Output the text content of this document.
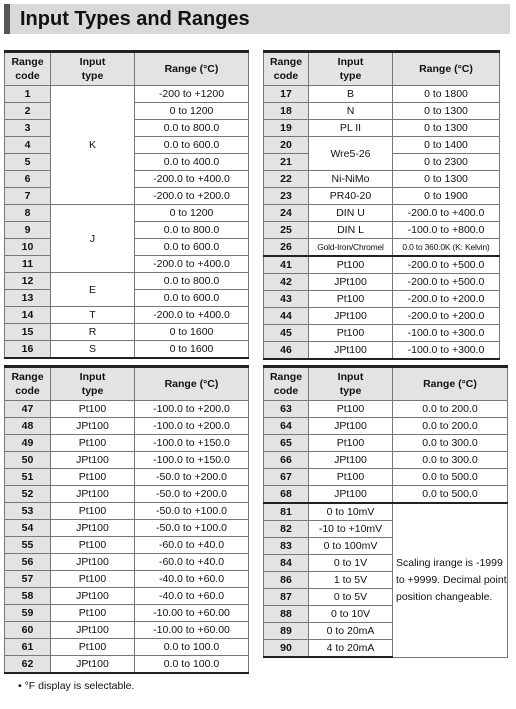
Input Types and Ranges
Range
code	Input
type	Range (°C)
1	K	-200 to +1200
2		0 to 1200
3		0.0 to 800.0
4		0.0 to 600.0
5		0.0 to 400.0
6		-200.0 to +400.0
7		-200.0 to +200.0
8	J	0 to 1200
9		0.0 to 800.0
10		0.0 to 600.0
11		-200.0 to +400.0
12	E	0.0 to 800.0
13		0.0 to 600.0
14	T	-200.0 to +400.0
15	R	0 to 1600
16	S	0 to 1600
Range
code	Input
type	Range (°C)
17	B	0 to 1800
18	N	0 to 1300
19	PL II	0 to 1300
20	Wre5-26	0 to 1400
21		0 to 2300
22	Ni-NiMo	0 to 1300
23	PR40-20	0 to 1900
24	DIN U	-200.0 to +400.0
25	DIN L	-100.0 to +800.0
26	Gold-Iron/Chromel	0.0 to 360.0K (K: Kelvin)
41	Pt100	-200.0 to +500.0
42	JPt100	-200.0 to +500.0
43	Pt100	-200.0 to +200.0
44	JPt100	-200.0 to +200.0
45	Pt100	-100.0 to +300.0
46	JPt100	-100.0 to +300.0
Range
code	Input
type	Range (°C)
47	Pt100	-100.0 to +200.0
48	JPt100	-100.0 to +200.0
49	Pt100	-100.0 to +150.0
50	JPt100	-100.0 to +150.0
51	Pt100	-50.0 to +200.0
52	JPt100	-50.0 to +200.0
53	Pt100	-50.0 to +100.0
54	JPt100	-50.0 to +100.0
55	Pt100	-60.0 to +40.0
56	JPt100	-60.0 to +40.0
57	Pt100	-40.0 to +60.0
58	JPt100	-40.0 to +60.0
59	Pt100	-10.00 to +60.00
60	JPt100	-10.00 to +60.00
61	Pt100	0.0 to 100.0
62	JPt100	0.0 to 100.0
Range
code	Input
type	Range (°C)
63	Pt100	0.0 to 200.0
64	JPt100	0.0 to 200.0
65	Pt100	0.0 to 300.0
66	JPt100	0.0 to 300.0
67	Pt100	0.0 to 500.0
68	JPt100	0.0 to 500.0
81	0 to 10mV	Scaling irange is -1999 to +9999. Decimal point position changeable.
82	-10 to +10mV	
83	0 to 100mV	
84	0 to 1V	
86	1 to 5V	
87	0 to 5V	
88	0 to 10V	
89	0 to 20mA	
90	4 to 20mA	
• °F display is selectable.
